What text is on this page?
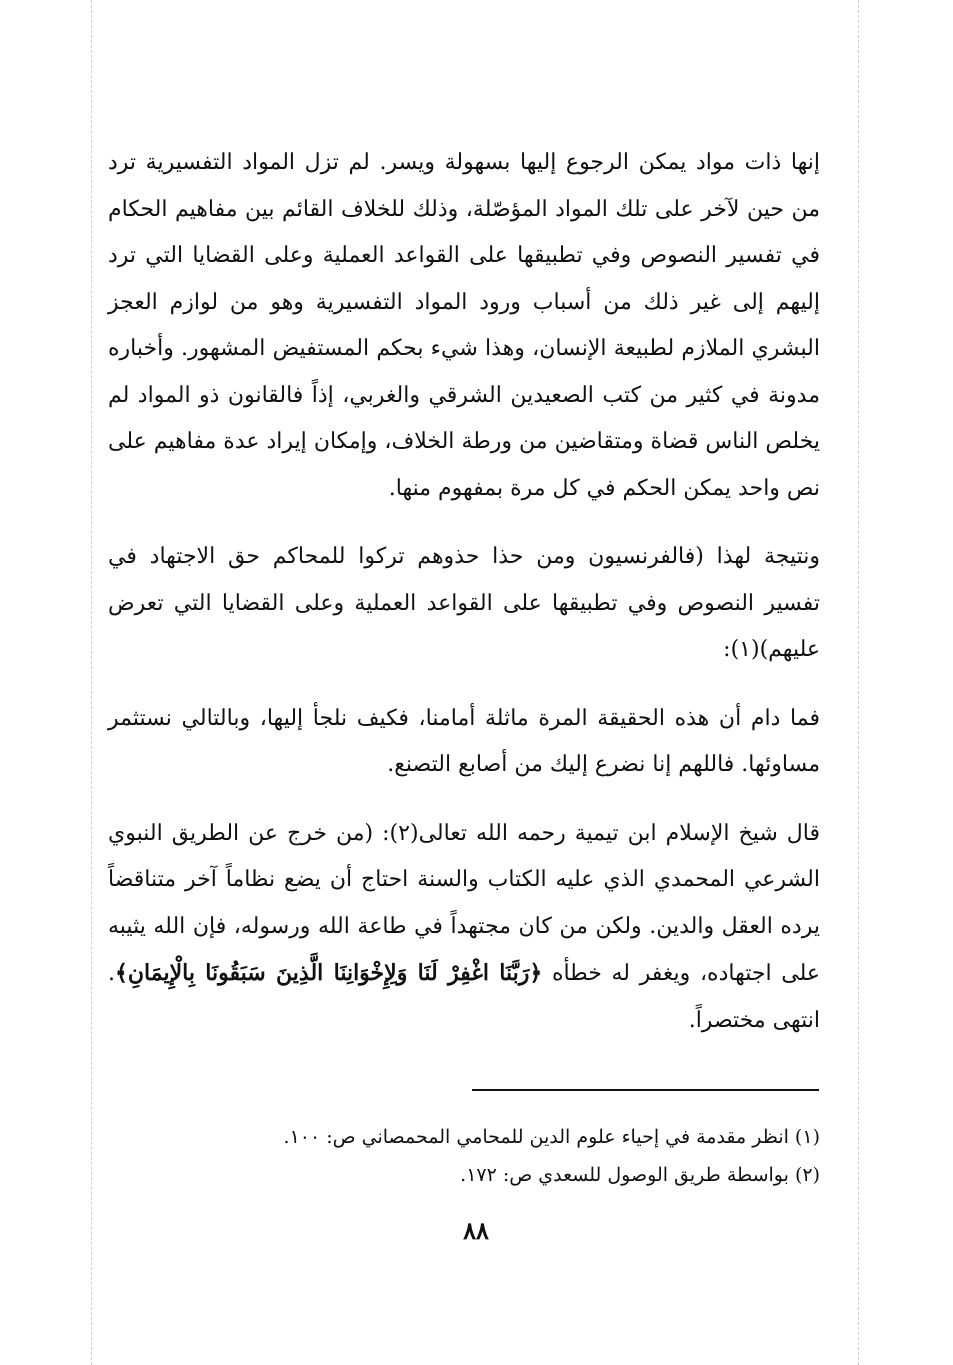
إنها ذات مواد يمكن الرجوع إليها بسهولة ويسر. لم تزل المواد التفسيرية ترد من حين لآخر على تلك المواد المؤصّلة، وذلك للخلاف القائم بين مفاهيم الحكام في تفسير النصوص وفي تطبيقها على القواعد العملية وعلى القضايا التي ترد إليهم إلى غير ذلك من أسباب ورود المواد التفسيرية وهو من لوازم العجز البشري الملازم لطبيعة الإنسان، وهذا شيء بحكم المستفيض المشهور. وأخباره مدونة في كثير من كتب الصعيدين الشرقي والغربي، إذاً فالقانون ذو المواد لم يخلص الناس قضاة ومتقاضين من ورطة الخلاف، وإمكان إيراد عدة مفاهيم على نص واحد يمكن الحكم في كل مرة بمفهوم منها.

ونتيجة لهذا (فالفرنسيون ومن حذا حذوهم تركوا للمحاكم حق الاجتهاد في تفسير النصوص وفي تطبيقها على القواعد العملية وعلى القضايا التي تعرض عليهم)(١):

فما دام أن هذه الحقيقة المرة ماثلة أمامنا، فكيف نلجأ إليها، وبالتالي نستثمر مساوئها. فاللهم إنا نضرع إليك من أصابع التصنع.

قال شيخ الإسلام ابن تيمية رحمه الله تعالى(٢): (من خرج عن الطريق النبوي الشرعي المحمدي الذي عليه الكتاب والسنة احتاج أن يضع نظاماً آخر متناقضاً يرده العقل والدين. ولكن من كان مجتهداً في طاعة الله ورسوله، فإن الله يثيبه على اجتهاده، ويغفر له خطأه ﴿رَبَّنَا اغْفِرْ لَنَا وَلِإِخْوَانِنَا الَّذِينَ سَبَقُونَا بِالْإِيمَانِ﴾. انتهى مختصراً.

(١) انظر مقدمة في إحياء علوم الدين للمحامي المحمصاني ص: ١٠٠.
(٢) بواسطة طريق الوصول للسعدي ص: ١٧٢.
٨٨
